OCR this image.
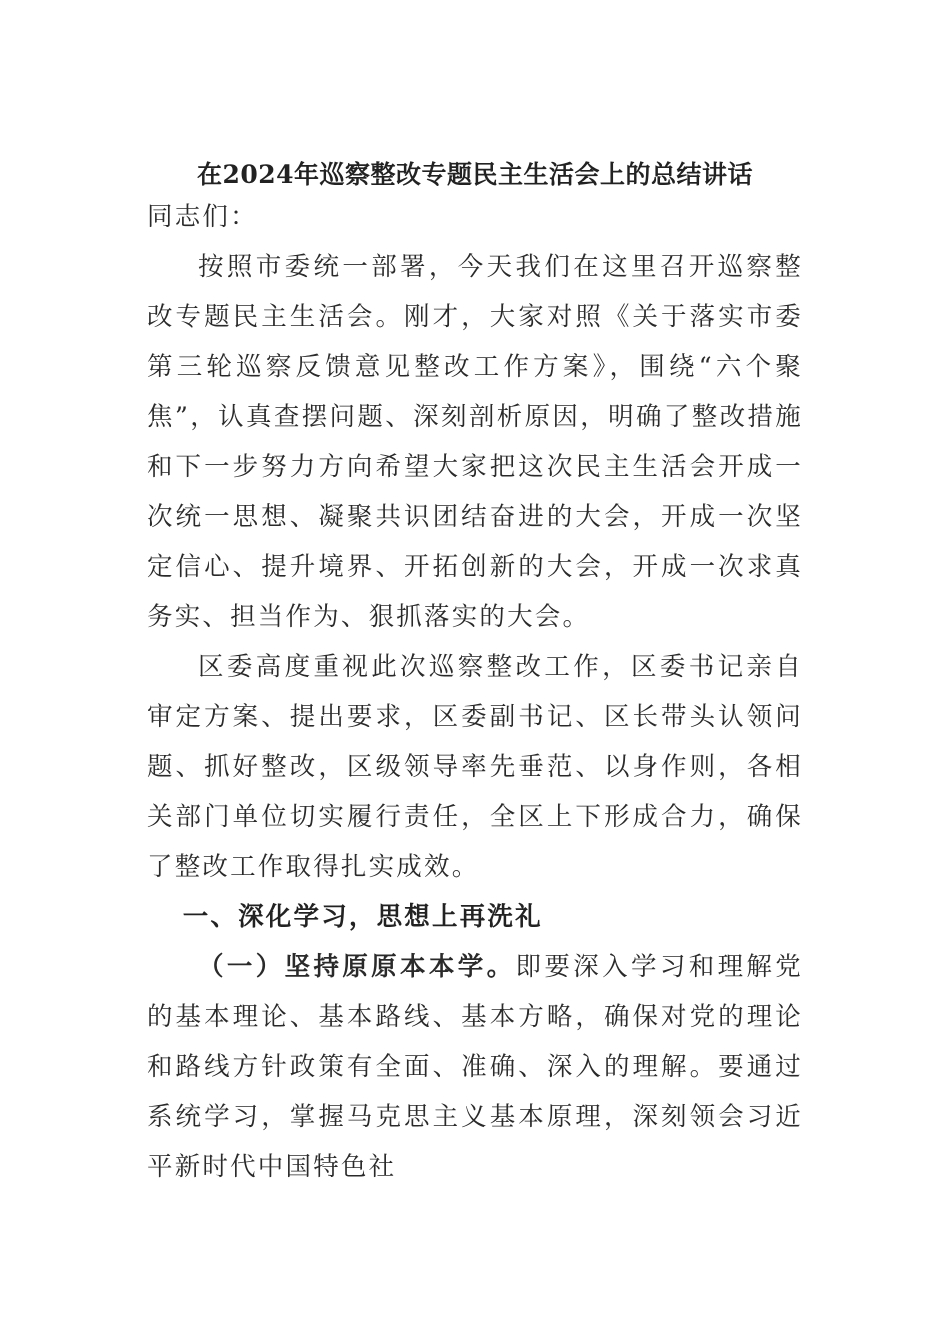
在2024年巡察整改专题民主生活会上的总结讲话

同志们：

按照市委统一部署，今天我们在这里召开巡察整改专题民主生活会。刚才，大家对照《关于落实市委第三轮巡察反馈意见整改工作方案》，围绕“六个聚焦”，认真查摆问题、深刻剖析原因，明确了整改措施和下一步努力方向希望大家把这次民主生活会开成一次统一思想、凝聚共识团结奋进的大会，开成一次坚定信心、提升境界、开拓创新的大会，开成一次求真务实、担当作为、狠抓落实的大会。

区委高度重视此次巡察整改工作，区委书记亲自审定方案、提出要求，区委副书记、区长带头认领问题、抓好整改，区级领导率先垂范、以身作则，各相关部门单位切实履行责任，全区上下形成合力，确保了整改工作取得扎实成效。

一、深化学习，思想上再洗礼

（一）坚持原原本本学。即要深入学习和理解党的基本理论、基本路线、基本方略，确保对党的理论和路线方针政策有全面、准确、深入的理解。要通过系统学习，掌握马克思主义基本原理，深刻领会习近平新时代中国特色社
